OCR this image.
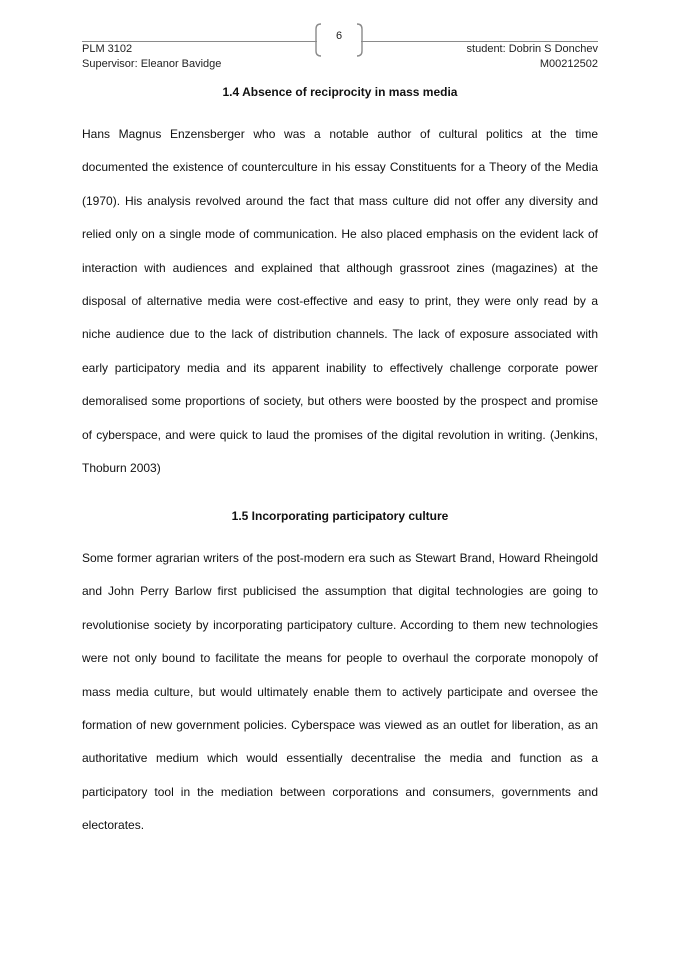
6
PLM 3102
Supervisor: Eleanor Bavidge
student: Dobrin S Donchev
M00212502
1.4 Absence of reciprocity in mass media

Hans Magnus Enzensberger who was a notable author of cultural politics at the time documented the existence of counterculture in his essay Constituents for a Theory of the Media (1970). His analysis revolved around the fact that mass culture did not offer any diversity and relied only on a single mode of communication. He also placed emphasis on the evident lack of interaction with audiences and explained that although grassroot zines (magazines) at the disposal of alternative media were cost-effective and easy to print, they were only read by a niche audience due to the lack of distribution channels. The lack of exposure associated with early participatory media and its apparent inability to effectively challenge corporate power demoralised some proportions of society, but others were boosted by the prospect and promise of cyberspace, and were quick to laud the promises of the digital revolution in writing. (Jenkins, Thoburn 2003)

1.5 Incorporating participatory culture

Some former agrarian writers of the post-modern era such as Stewart Brand, Howard Rheingold and John Perry Barlow first publicised the assumption that digital technologies are going to revolutionise society by incorporating participatory culture. According to them new technologies were not only bound to facilitate the means for people to overhaul the corporate monopoly of mass media culture, but would ultimately enable them to actively participate and oversee the formation of new government policies. Cyberspace was viewed as an outlet for liberation, as an authoritative medium which would essentially decentralise the media and function as a participatory tool in the mediation between corporations and consumers, governments and electorates.
